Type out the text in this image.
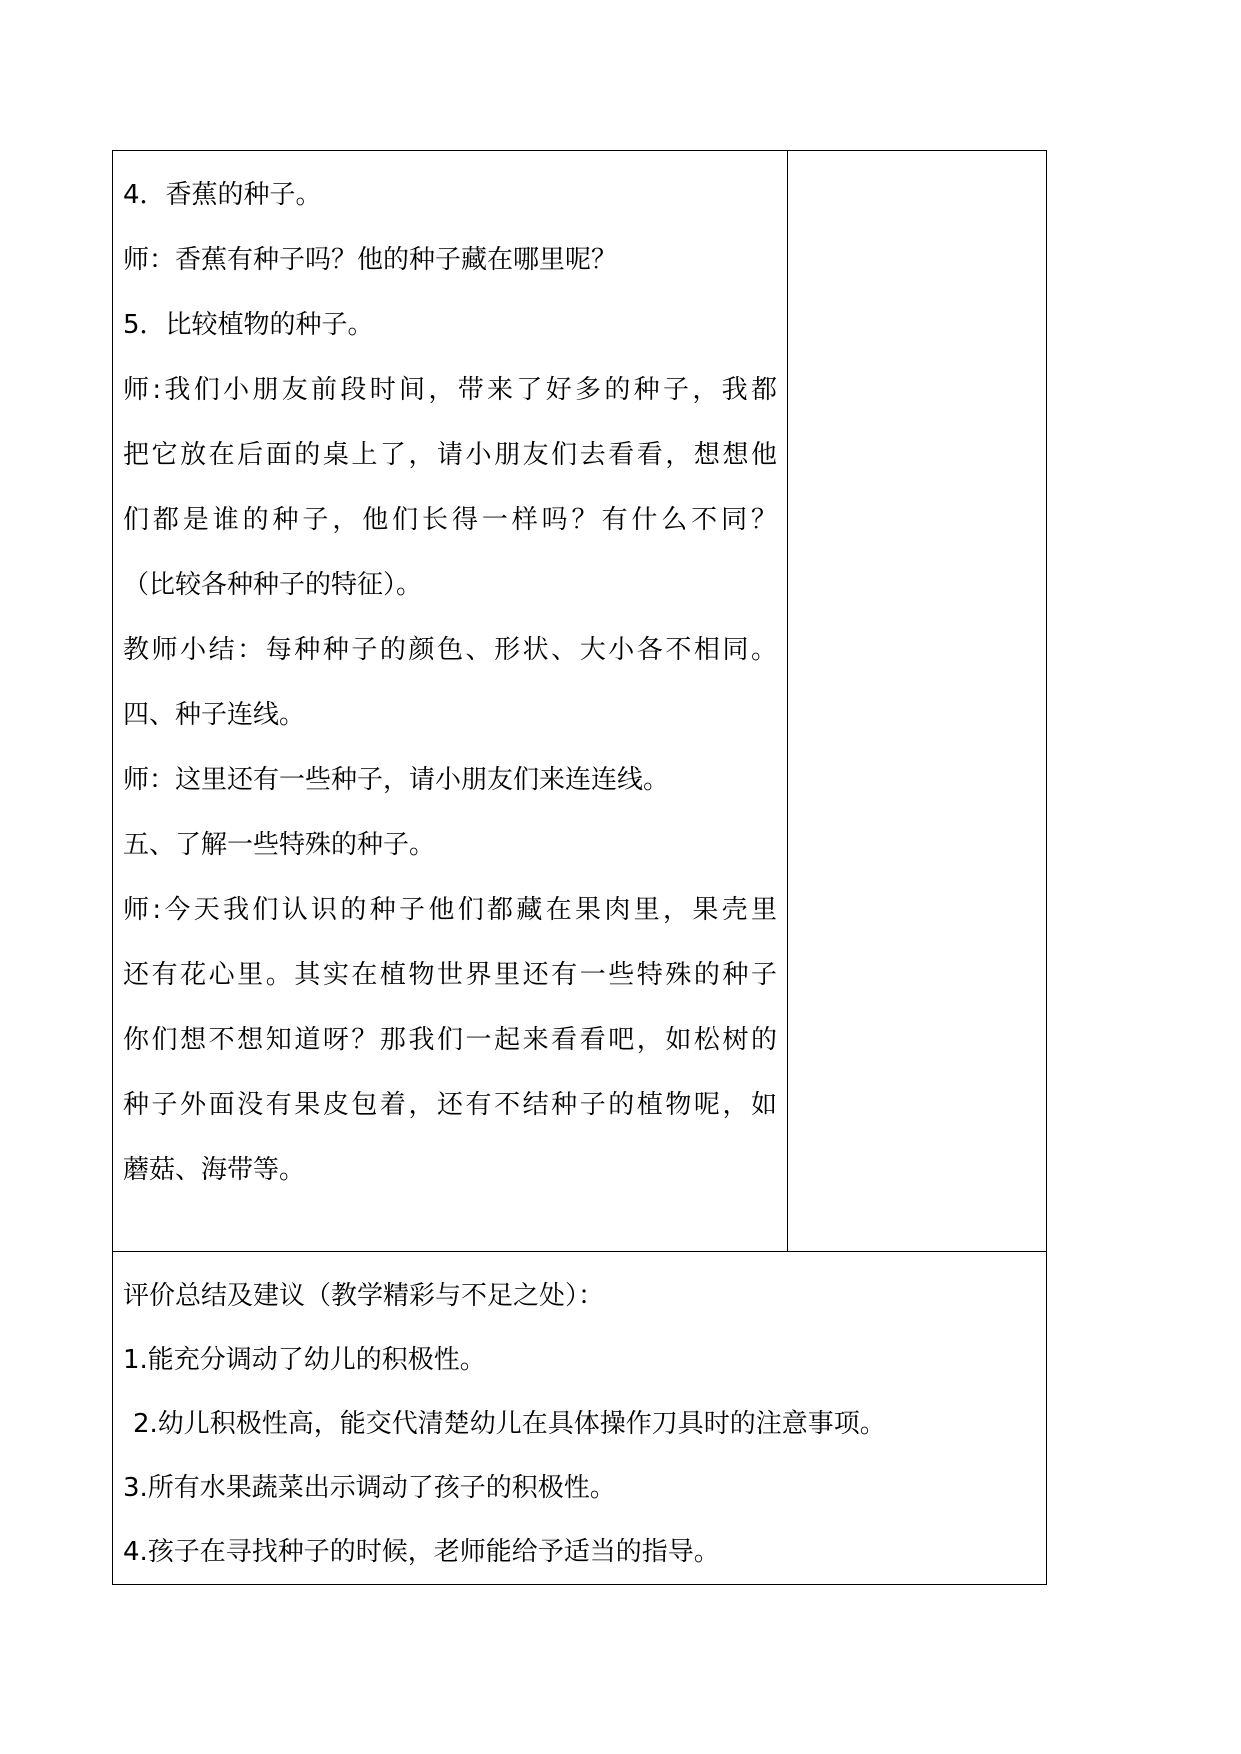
4．香蕉的种子。
师：香蕉有种子吗？他的种子藏在哪里呢？
5．比较植物的种子。
师:我们小朋友前段时间，带来了好多的种子，我都
把它放在后面的桌上了，请小朋友们去看看，想想他
们都是谁的种子，他们长得一样吗？有什么不同？
（比较各种种子的特征）。
教师小结：每种种子的颜色、形状、大小各不相同。
四、种子连线。
师：这里还有一些种子，请小朋友们来连连线。
五、了解一些特殊的种子。
师:今天我们认识的种子他们都藏在果肉里，果壳里
还有花心里。其实在植物世界里还有一些特殊的种子
你们想不想知道呀？那我们一起来看看吧，如松树的
种子外面没有果皮包着，还有不结种子的植物呢，如
蘑菇、海带等。

评价总结及建议（教学精彩与不足之处）：
1.能充分调动了幼儿的积极性。
2.幼儿积极性高，能交代清楚幼儿在具体操作刀具时的注意事项。
3.所有水果蔬菜出示调动了孩子的积极性。
4.孩子在寻找种子的时候，老师能给予适当的指导。
